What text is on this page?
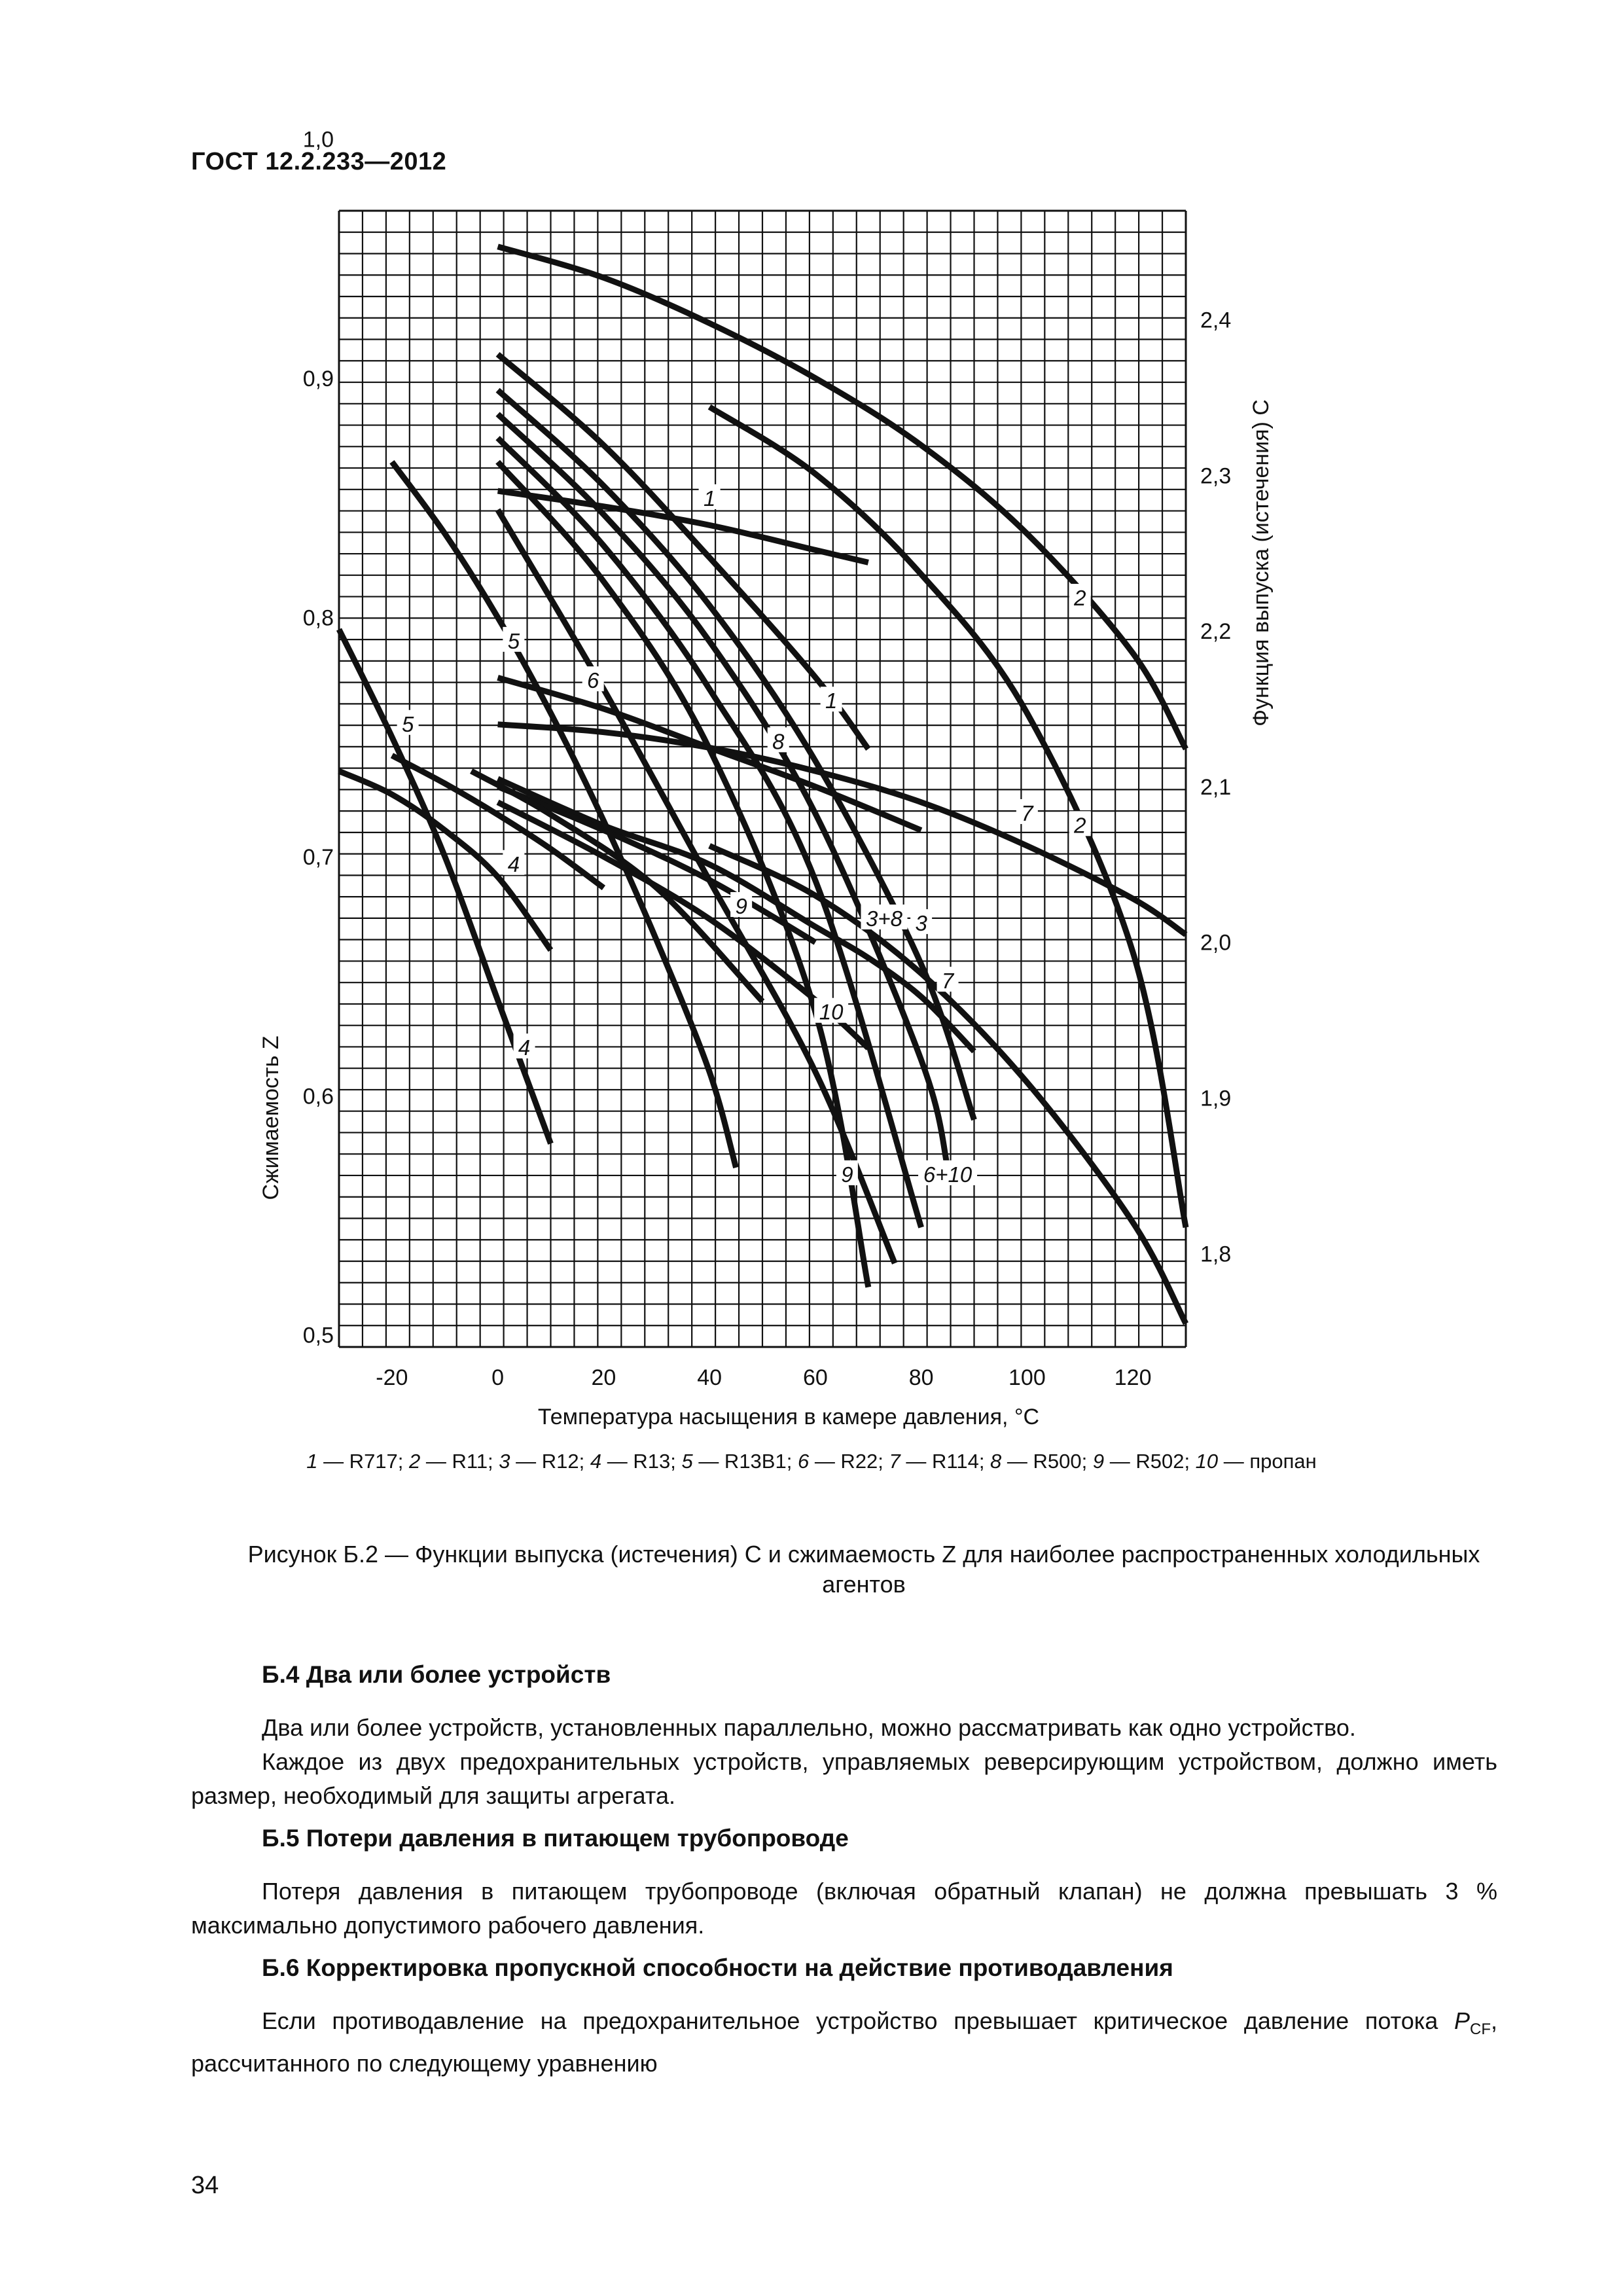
ГОСТ 12.2.233—2012
1
2
3+8
4
5
6
7
9
10
1
2
3
4
5
6+10
7
8
9
1,8
1,9
2,0
2,1
2,2
2,3
2,4
0,5
0,6
0,7
0,8
0,9
1,0
-20	0	20	40	60	80	100	120
Температура насыщения в камере давления, °C
Функция выпуска (истечения) C
Сжимаемость Z
1 — R717; 2 — R11; 3 — R12; 4 — R13; 5 — R13B1; 6 — R22; 7 — R114; 8 — R500; 9 — R502; 10 — пропан
Рисунок Б.2 — Функции выпуска (истечения) C и сжимаемость Z для наиболее распространенных холодильных
агентов
Б.4 Два или более устройств
Два или более устройств, установленных параллельно, можно рассматривать как одно устройство.
Каждое из двух предохранительных устройств, управляемых реверсирующим устройством, должно иметь размер, необходимый для защиты агрегата.
Б.5 Потери давления в питающем трубопроводе
Потеря давления в питающем трубопроводе (включая обратный клапан) не должна превышать 3 % максимально допустимого рабочего давления.
Б.6 Корректировка пропускной способности на действие противодавления
Если противодавление на предохранительное устройство превышает критическое давление потока $P_{CF}$, рассчитанного по следующему уравнению
34
